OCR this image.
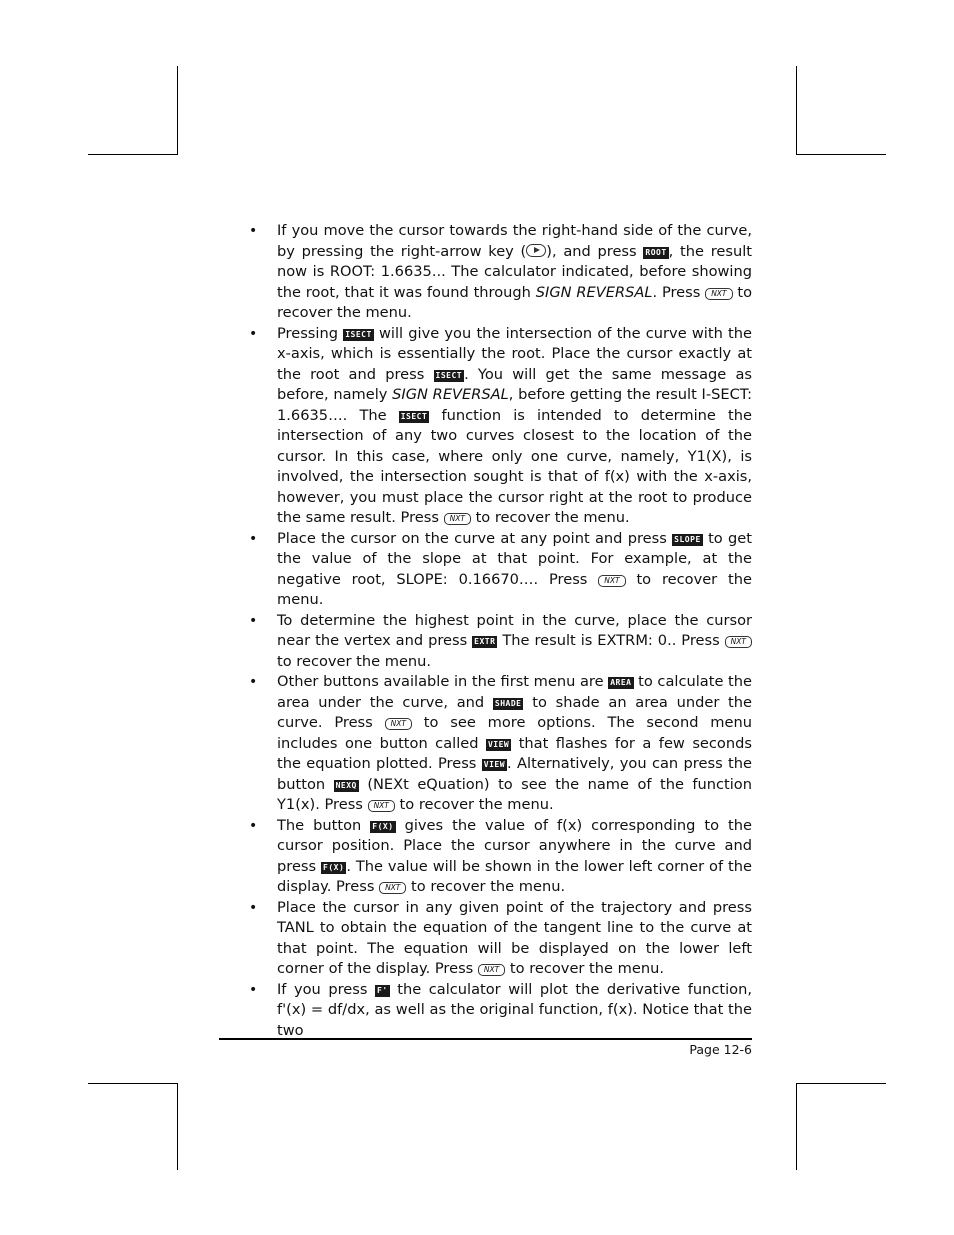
• If you move the cursor towards the right-hand side of the curve, by pressing the right-arrow key ( ), and press ROOT , the result now is ROOT: 1.6635... The calculator indicated, before showing the root, that it was found through SIGN REVERSAL. Press NXT to recover the menu.
• Pressing ISECT will give you the intersection of the curve with the x-axis, which is essentially the root. Place the cursor exactly at the root and press ISECT . You will get the same message as before, namely SIGN REVERSAL, before getting the result I-SECT: 1.6635…. The ISECT function is intended to determine the intersection of any two curves closest to the location of the cursor. In this case, where only one curve, namely, Y1(X), is involved, the intersection sought is that of f(x) with the x-axis, however, you must place the cursor right at the root to produce the same result. Press NXT to recover the menu.
• Place the cursor on the curve at any point and press SLOPE to get the value of the slope at that point. For example, at the negative root, SLOPE: 0.16670…. Press NXT to recover the menu.
• To determine the highest point in the curve, place the cursor near the vertex and press EXTR The result is EXTRM: 0.. Press NXT to recover the menu.
• Other buttons available in the first menu are AREA to calculate the area under the curve, and SHADE to shade an area under the curve. Press NXT to see more options. The second menu includes one button called VIEW that flashes for a few seconds the equation plotted. Press VIEW . Alternatively, you can press the button NEXQ (NEXt eQuation) to see the name of the function Y1(x). Press NXT to recover the menu.
• The button F(X) gives the value of f(x) corresponding to the cursor position. Place the cursor anywhere in the curve and press F(X) . The value will be shown in the lower left corner of the display. Press NXT to recover the menu.
• Place the cursor in any given point of the trajectory and press TANL to obtain the equation of the tangent line to the curve at that point. The equation will be displayed on the lower left corner of the display. Press NXT to recover the menu.
• If you press F' the calculator will plot the derivative function, f'(x) = df/dx, as well as the original function, f(x). Notice that the two
Page 12-6
